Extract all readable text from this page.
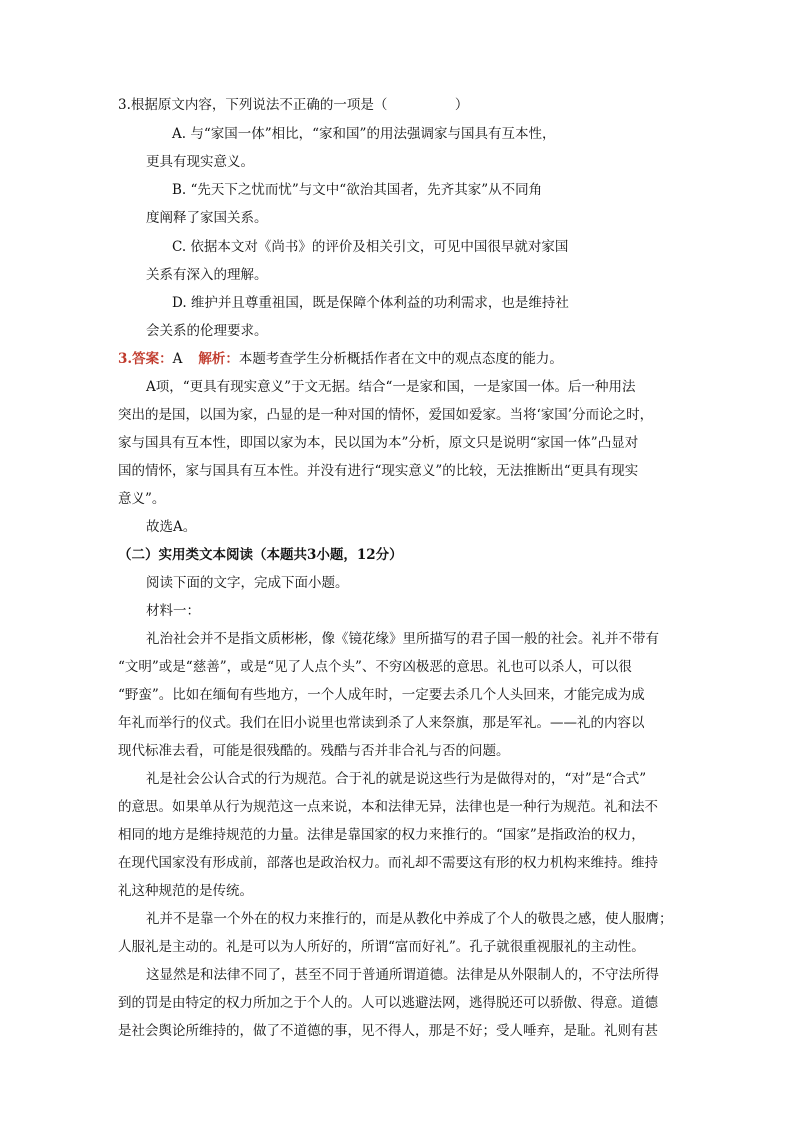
3.根据原文内容，下列说法不正确的一项是（　　　　　）
A. 与“家国一体”相比，“家和国”的用法强调家与国具有互本性，
更具有现实意义。
B. “先天下之忧而忧”与文中“欲治其国者，先齐其家”从不同角
度阐释了家国关系。
C. 依据本文对《尚书》的评价及相关引文，可见中国很早就对家国
关系有深入的理解。
D. 维护并且尊重祖国，既是保障个体利益的功利需求，也是维持社
会关系的伦理要求。
3.答案：A 解析：本题考查学生分析概括作者在文中的观点态度的能力。
A项，“更具有现实意义”于文无据。结合“一是家和国，一是家国一体。后一种用法
突出的是国，以国为家，凸显的是一种对国的情怀，爱国如爱家。当将‘家国’分而论之时，
家与国具有互本性，即国以家为本，民以国为本”分析，原文只是说明“家国一体”凸显对
国的情怀，家与国具有互本性。并没有进行“现实意义”的比较，无法推断出“更具有现实
意义”。
故选A。
（二）实用类文本阅读（本题共3小题，12分）
阅读下面的文字，完成下面小题。
材料一：
礼治社会并不是指文质彬彬，像《镜花缘》里所描写的君子国一般的社会。礼并不带有
“文明”或是“慈善”，或是“见了人点个头”、不穷凶极恶的意思。礼也可以杀人，可以很
“野蛮”。比如在缅甸有些地方，一个人成年时，一定要去杀几个人头回来，才能完成为成
年礼而举行的仪式。我们在旧小说里也常读到杀了人来祭旗，那是军礼。——礼的内容以
现代标准去看，可能是很残酷的。残酷与否并非合礼与否的问题。
礼是社会公认合式的行为规范。合于礼的就是说这些行为是做得对的，“对”是“合式”
的意思。如果单从行为规范这一点来说，本和法律无异，法律也是一种行为规范。礼和法不
相同的地方是维持规范的力量。法律是靠国家的权力来推行的。“国家”是指政治的权力，
在现代国家没有形成前，部落也是政治权力。而礼却不需要这有形的权力机构来维持。维持
礼这种规范的是传统。
礼并不是靠一个外在的权力来推行的，而是从教化中养成了个人的敬畏之感，使人服膺；
人服礼是主动的。礼是可以为人所好的，所谓“富而好礼”。孔子就很重视服礼的主动性。
这显然是和法律不同了，甚至不同于普通所谓道德。法律是从外限制人的，不守法所得
到的罚是由特定的权力所加之于个人的。人可以逃避法网，逃得脱还可以骄傲、得意。道德
是社会舆论所维持的，做了不道德的事，见不得人，那是不好；受人唾弃，是耻。礼则有甚
